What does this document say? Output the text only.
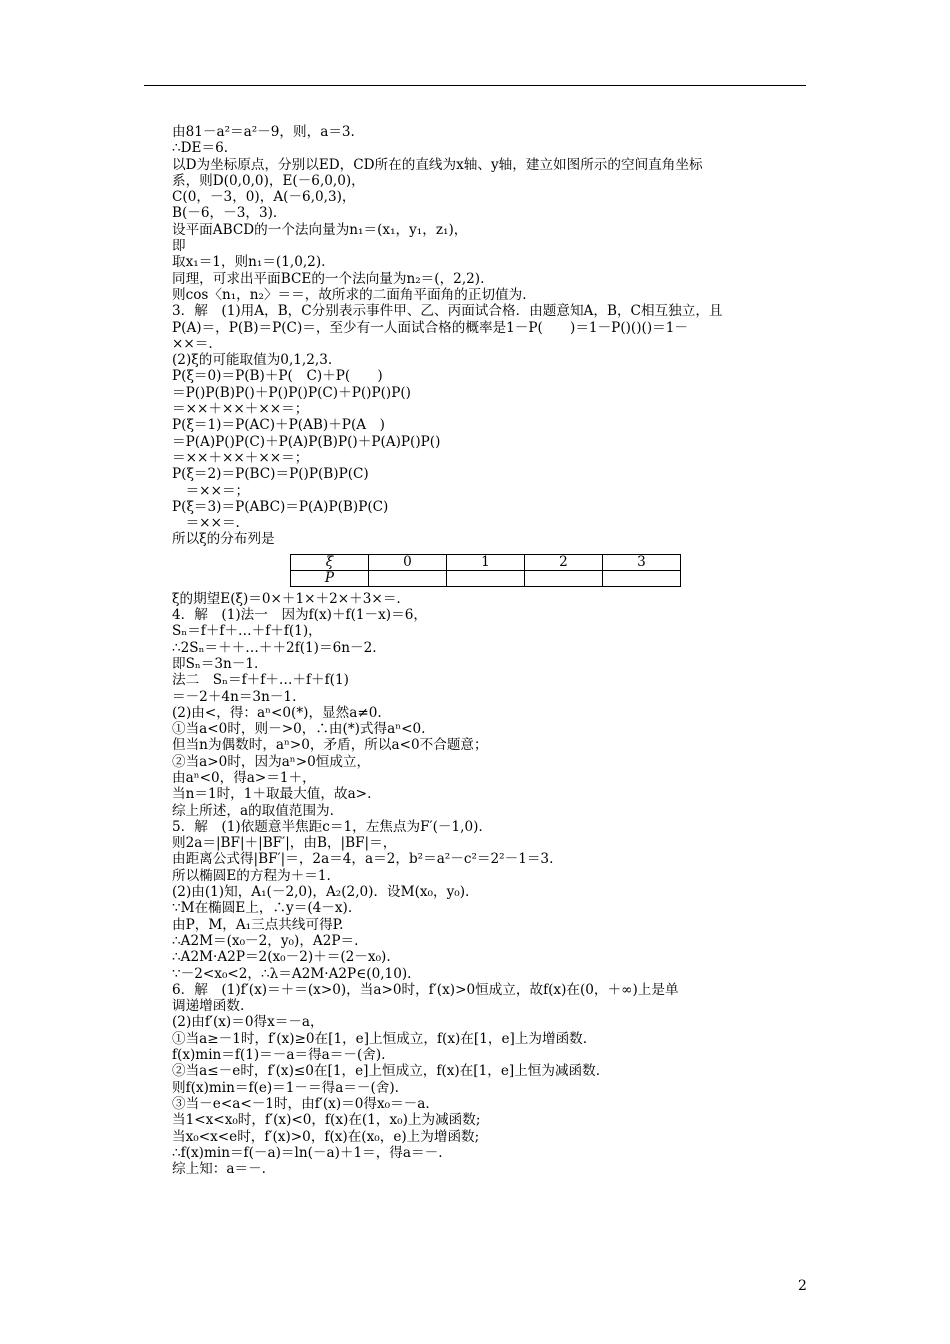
由81－a²＝a²－9，则，a＝3.
∴DE＝6.
以D为坐标原点，分别以ED，CD所在的直线为x轴、y轴，建立如图所示的空间直角坐标
系，则D(0,0,0)，E(－6,0,0)，
C(0，－3，0)，A(－6,0,3)，
B(－6，－3，3).
设平面ABCD的一个法向量为n₁＝(x₁，y₁，z₁)，
即
取x₁＝1，则n₁＝(1,0,2).
同理，可求出平面BCE的一个法向量为n₂＝(，2,2).
则cos〈n₁，n₂〉＝＝，故所求的二面角平面角的正切值为.
3．解　(1)用A，B，C分别表示事件甲、乙、丙面试合格．由题意知A，B，C相互独立，且
P(A)＝，P(B)＝P(C)＝，至少有一人面试合格的概率是1－P(　　)＝1－P()()()＝1－
××＝.
(2)ξ的可能取值为0,1,2,3.
P(ξ＝0)＝P(B)＋P(　C)＋P(　　)
＝P()P(B)P()＋P()P()P(C)＋P()P()P()
＝××＋××＋××＝；
P(ξ＝1)＝P(AC)＋P(AB)＋P(A　)
＝P(A)P()P(C)＋P(A)P(B)P()＋P(A)P()P()
＝××＋××＋××＝；
P(ξ＝2)＝P(BC)＝P()P(B)P(C)
　＝××＝；
P(ξ＝3)＝P(ABC)＝P(A)P(B)P(C)
　＝××＝.
所以ξ的分布列是
ξ	0	1	2	3
P				
ξ的期望E(ξ)＝0×＋1×＋2×＋3×＝.
4．解　(1)法一　因为f(x)＋f(1－x)＝6，
Sₙ＝f＋f＋…＋f＋f(1)，
∴2Sₙ＝＋＋…＋＋2f(1)＝6n－2.
即Sₙ＝3n－1.
法二　Sₙ＝f＋f＋…＋f＋f(1)
＝－2＋4n＝3n－1.
(2)由<，得：aⁿ<0(*)，显然a≠0.
①当a<0时，则－>0，∴由(*)式得aⁿ<0.
但当n为偶数时，aⁿ>0，矛盾，所以a<0不合题意；
②当a>0时，因为aⁿ>0恒成立，
由aⁿ<0，得a>＝1＋，
当n＝1时，1＋取最大值，故a>.
综上所述，a的取值范围为.
5．解　(1)依题意半焦距c＝1，左焦点为F′(－1,0).
则2a＝|BF|＋|BF′|，由B，|BF|＝，
由距离公式得|BF′|＝，2a＝4，a＝2，b²＝a²－c²＝2²－1＝3.
所以椭圆E的方程为＋＝1.
(2)由(1)知，A₁(－2,0)，A₂(2,0)．设M(x₀，y₀).
∵M在椭圆E上，∴y＝(4－x).
由P，M，A₁三点共线可得P.
∴A2M＝(x₀－2，y₀)，A2P＝.
∴A2M·A2P＝2(x₀－2)＋＝(2－x₀).
∵－2<x₀<2，∴λ＝A2M·A2P∈(0,10).
6．解　(1)f′(x)＝＋＝(x>0)，当a>0时，f′(x)>0恒成立，故f(x)在(0，＋∞)上是单
调递增函数.
(2)由f′(x)＝0得x＝－a，
①当a≥－1时，f′(x)≥0在[1，e]上恒成立，f(x)在[1，e]上为增函数.
f(x)min＝f(1)＝－a＝得a＝－(舍).
②当a≤－e时，f′(x)≤0在[1，e]上恒成立，f(x)在[1，e]上恒为减函数.
则f(x)min＝f(e)＝1－＝得a＝－(舍).
③当－e<a<－1时，由f′(x)＝0得x₀＝－a.
当1<x<x₀时，f′(x)<0，f(x)在(1，x₀)上为减函数;
当x₀<x<e时，f′(x)>0，f(x)在(x₀，e)上为增函数;
∴f(x)min＝f(－a)＝ln(－a)＋1＝，得a＝－.
综上知：a＝－.
2
